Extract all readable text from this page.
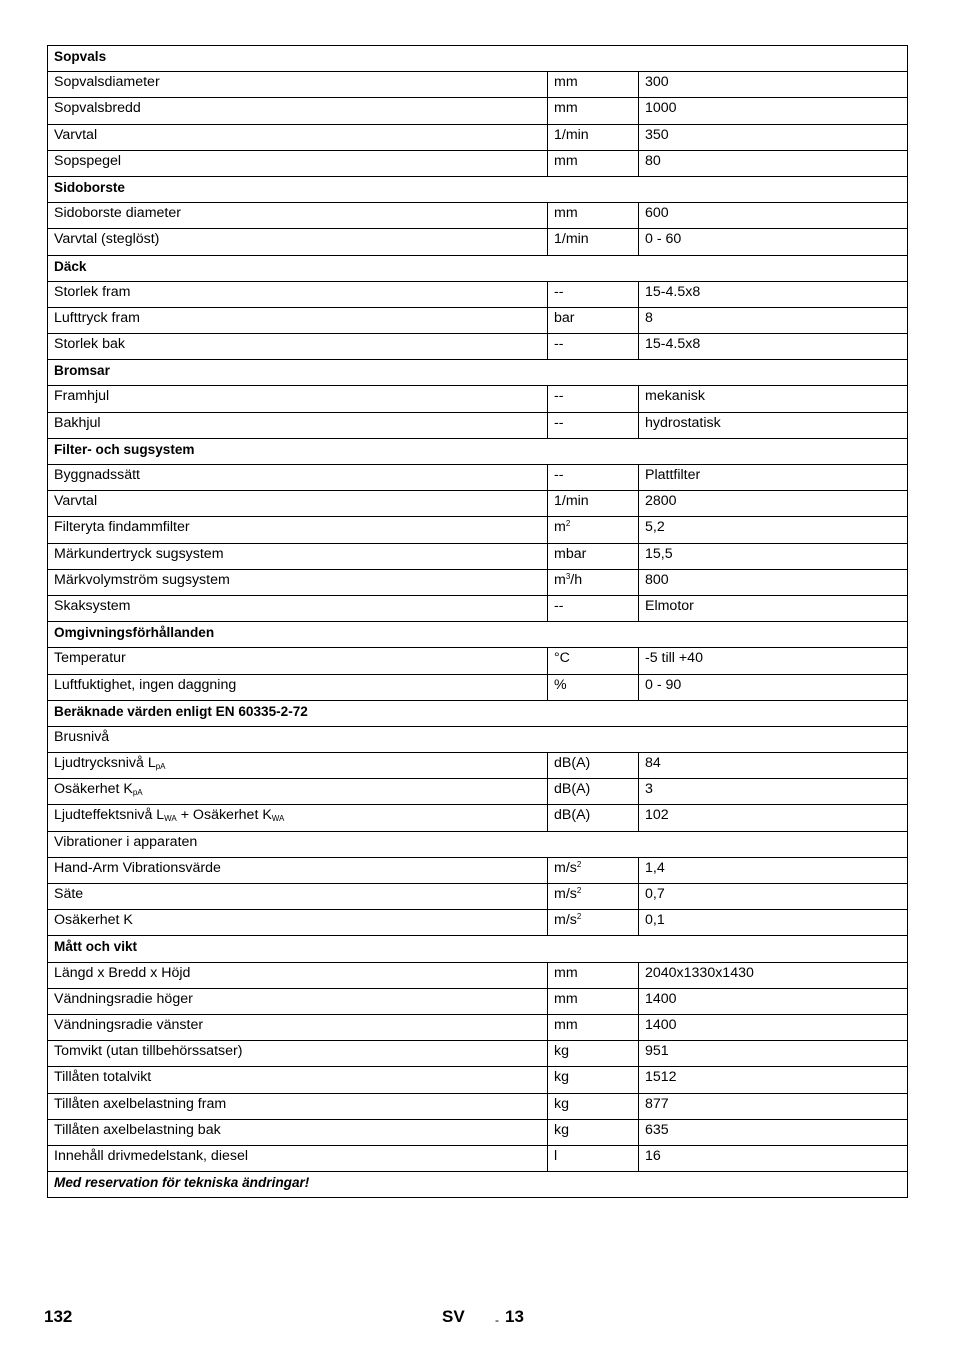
Sopvals		
Sopvalsdiameter	mm	300
Sopvalsbredd	mm	1000
Varvtal	1/min	350
Sopspegel	mm	80
Sidoborste		
Sidoborste diameter	mm	600
Varvtal (steglöst)	1/min	0 - 60
Däck		
Storlek fram	--	15-4.5x8
Lufttryck fram	bar	8
Storlek bak	--	15-4.5x8
Bromsar		
Framhjul	--	mekanisk
Bakhjul	--	hydrostatisk
Filter- och sugsystem		
Byggnadssätt	--	Plattfilter
Varvtal	1/min	2800
Filteryta findammfilter	$m^2$	5,2
Märkundertryck sugsystem	mbar	15,5
Märkvolymström sugsystem	$m^3/h$	800
Skaksystem	--	Elmotor
Omgivningsförhållanden		
Temperatur	°C	-5 till +40
Luftfuktighet, ingen daggning	%	0 - 90
Beräknade värden enligt EN 60335-2-72		
Brusnivå		
Ljudtrycksnivå $L_{pA}$	dB(A)	84
Osäkerhet $K_{pA}$	dB(A)	3
Ljudteffektsnivå $L_{WA}$ + Osäkerhet $K_{WA}$	dB(A)	102
Vibrationer i apparaten		
Hand-Arm Vibrationsvärde	$m/s^2$	1,4
Säte	$m/s^2$	0,7
Osäkerhet K	$m/s^2$	0,1
Mått och vikt		
Längd x Bredd x Höjd	mm	2040x1330x1430
Vändningsradie höger	mm	1400
Vändningsradie vänster	mm	1400
Tomvikt (utan tillbehörssatser)	kg	951
Tillåten totalvikt	kg	1512
Tillåten axelbelastning fram	kg	877
Tillåten axelbelastning bak	kg	635
Innehåll drivmedelstank, diesel	l	16
Med reservation för tekniska ändringar!		
132	SV	- 13
